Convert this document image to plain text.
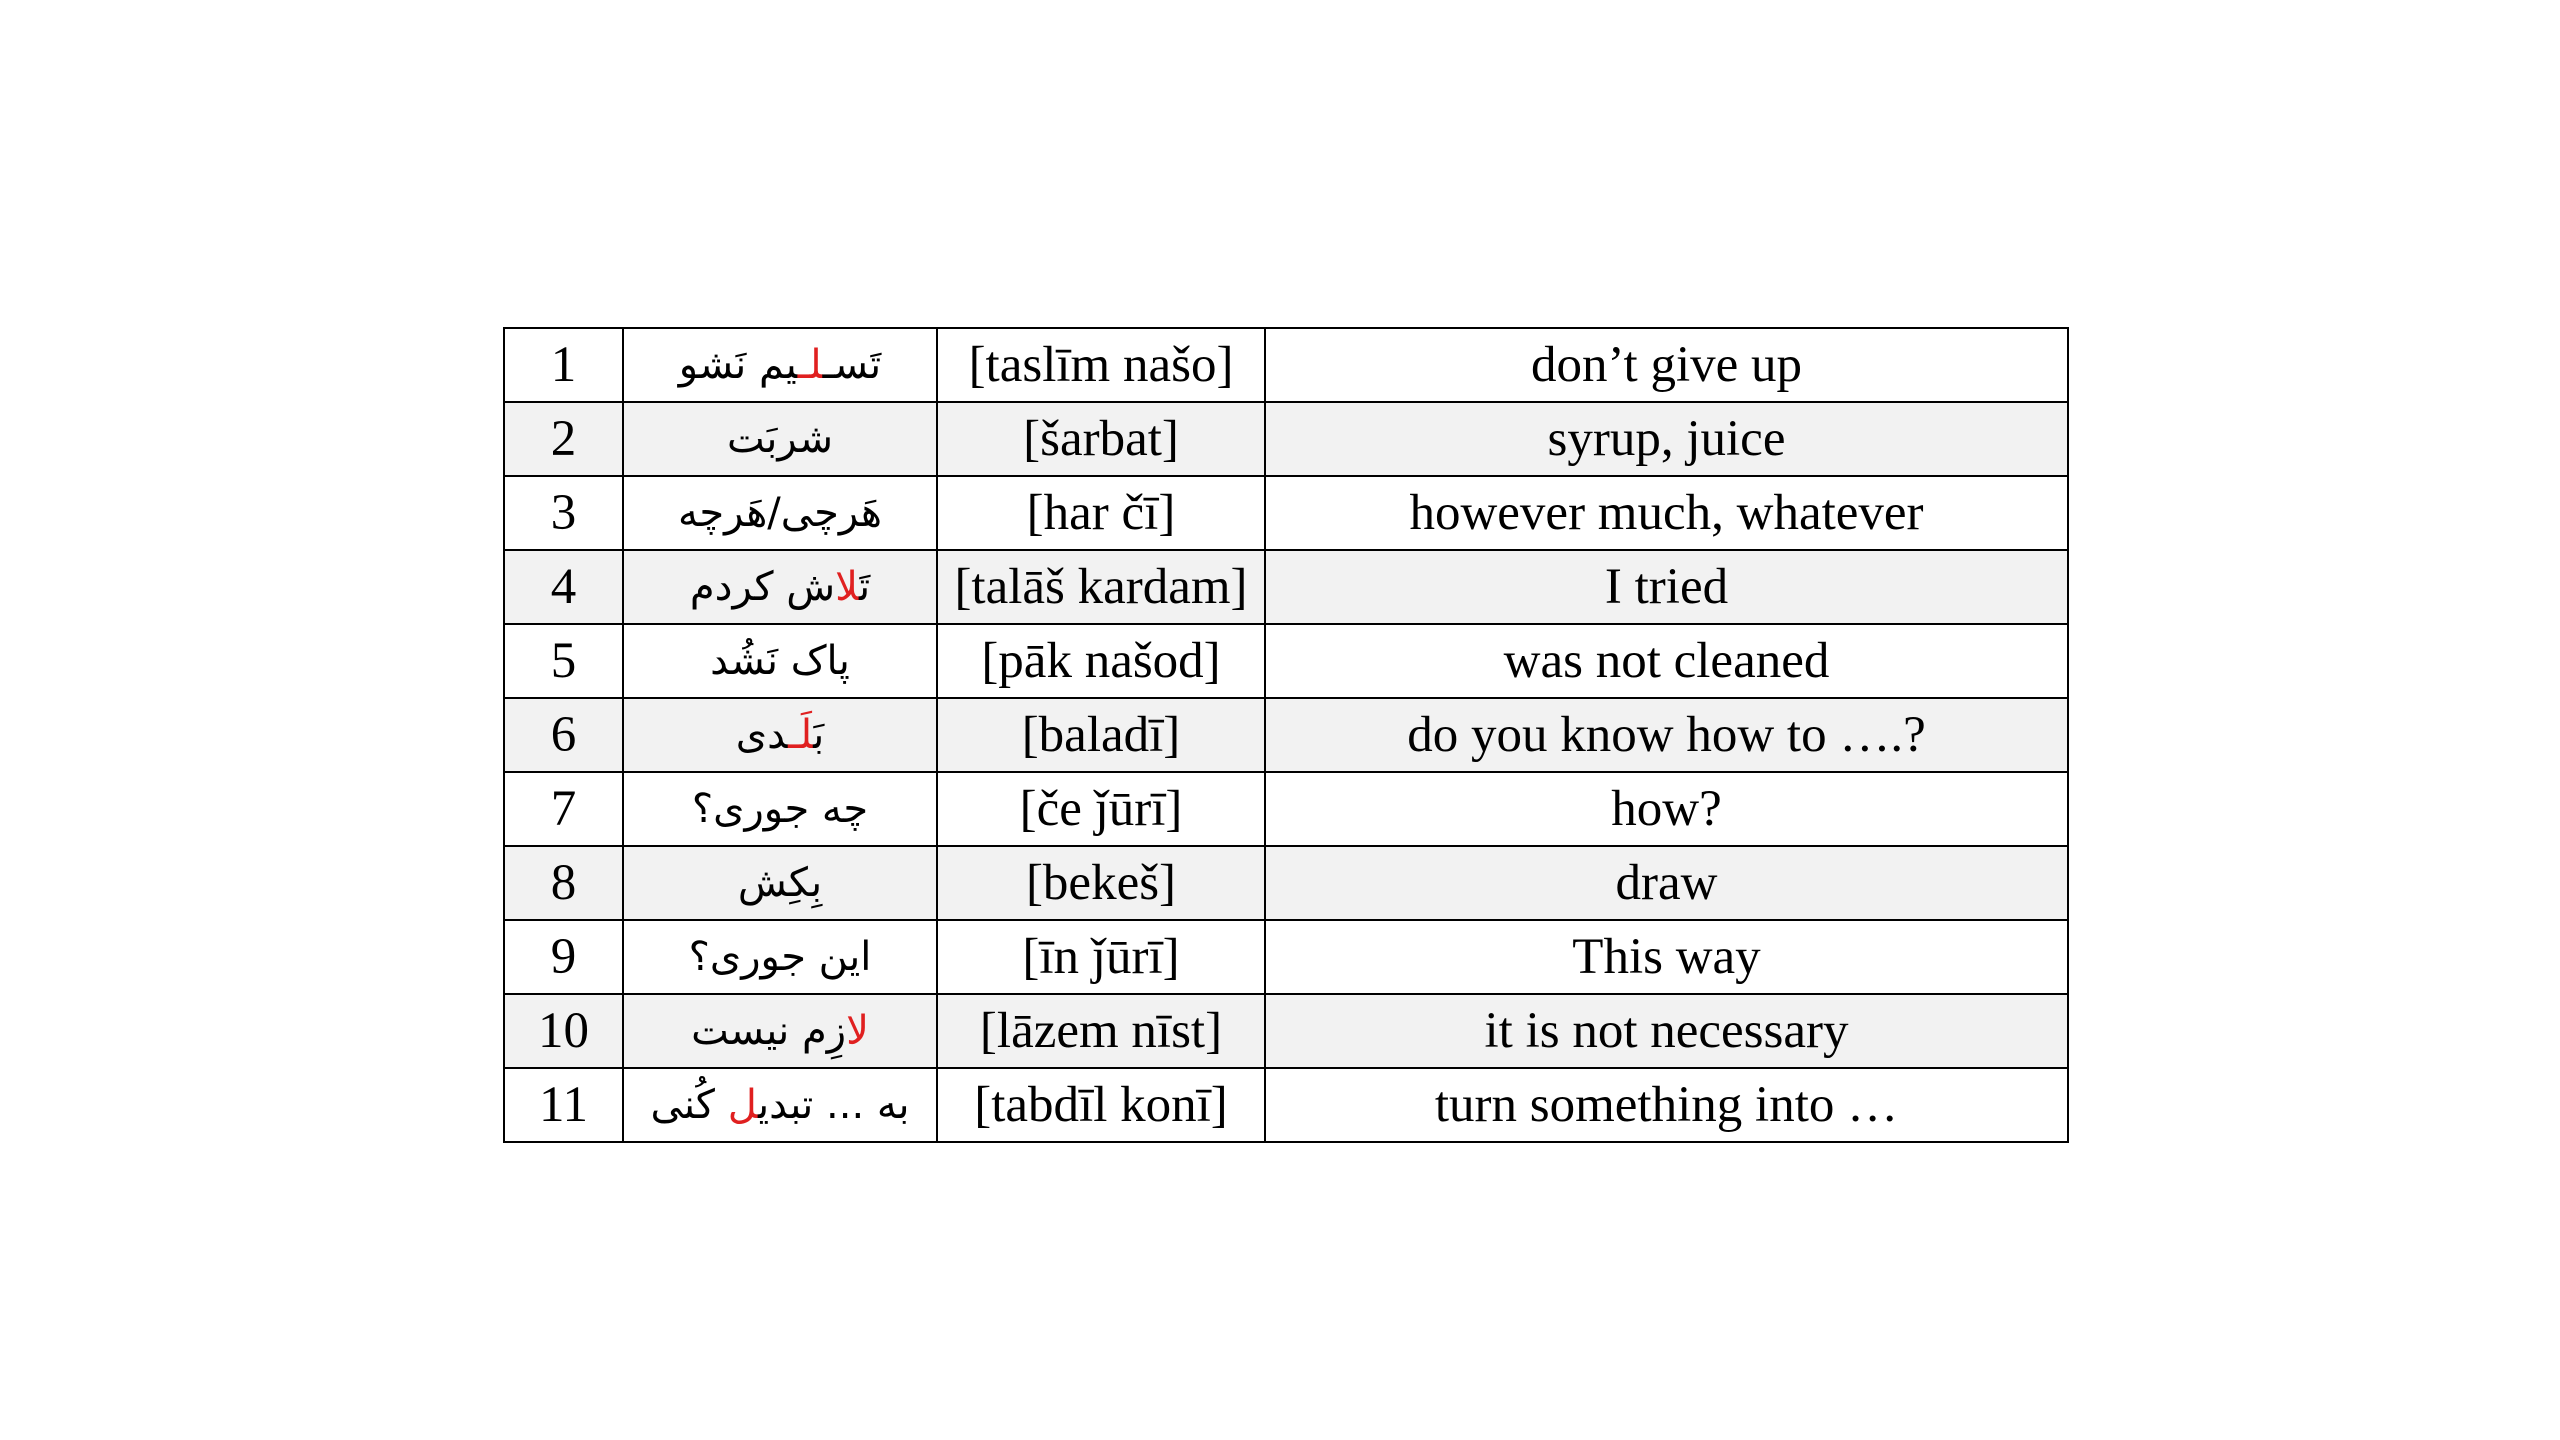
1	تَسـلـیم نَشو	[taslīm našo]	don’t give up
2	شربَت	[šarbat]	syrup, juice
3	هَرچی/هَرچه	[har čī]	however much, whatever
4	تَلاش کردم	[talāš kardam]	I tried
5	پاک نَشُد	[pāk našod]	was not cleaned
6	بَلَـدی	[baladī]	do you know how to ….?
7	چه جوری؟	[če ǰūrī]	how?
8	بِکِش	[bekeš]	draw
9	این جوری؟	[īn ǰūrī]	This way
10	لازِم نیست	[lāzem nīst]	it is not necessary
11	به ... تبدیل کُنی	[tabdīl konī]	turn something into …
